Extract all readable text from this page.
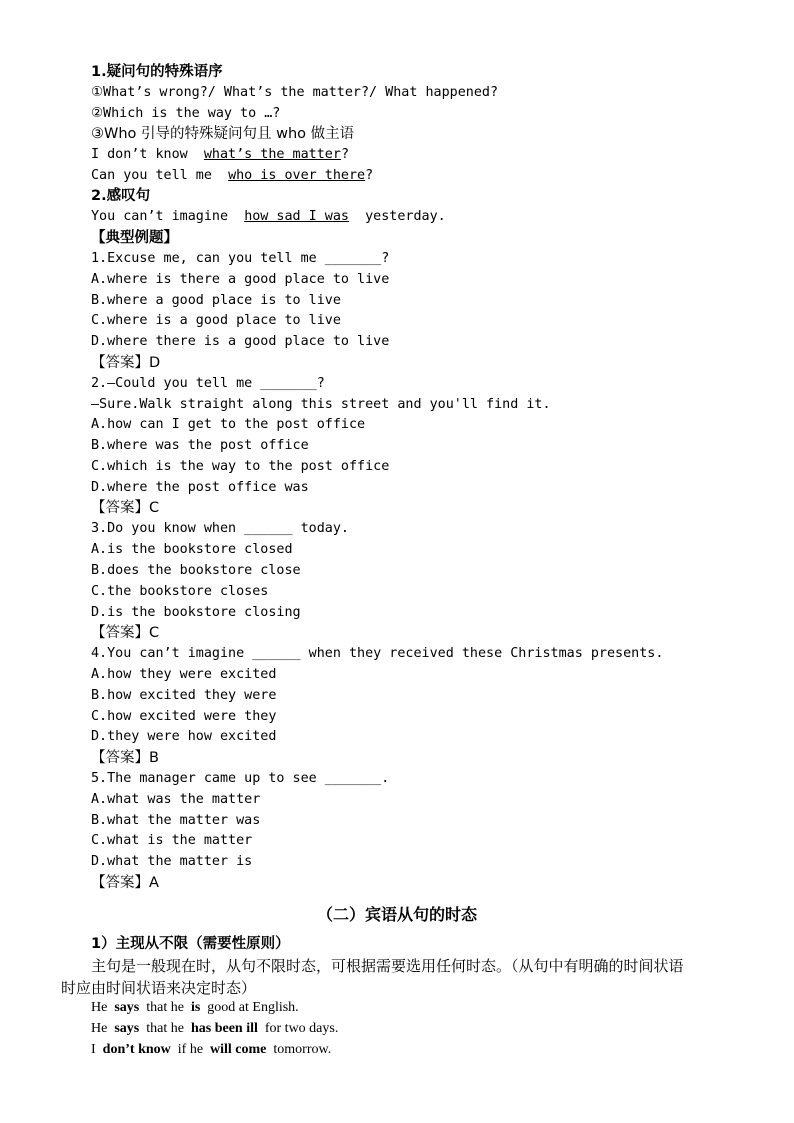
1.疑问句的特殊语序
①What’s wrong?/ What’s the matter?/ What happened?
②Which is the way to …?
③Who 引导的特殊疑问句且 who 做主语
I don’t know  what’s the matter?
Can you tell me  who is over there?
2.感叹句
You can’t imagine  how sad I was  yesterday.
【典型例题】
1.Excuse me, can you tell me _______?
A.where is there a good place to live
B.where a good place is to live
C.where is a good place to live
D.where there is a good place to live
【答案】D
2.—Could you tell me _______?
—Sure.Walk straight along this street and you'll find it.
A.how can I get to the post office
B.where was the post office
C.which is the way to the post office
D.where the post office was
【答案】C
3.Do you know when ______ today.
A.is the bookstore closed
B.does the bookstore close
C.the bookstore closes
D.is the bookstore closing
【答案】C
4.You can’t imagine ______ when they received these Christmas presents.
A.how they were excited
B.how excited they were
C.how excited were they
D.they were how excited
【答案】B
5.The manager came up to see _______.
A.what was the matter
B.what the matter was
C.what is the matter
D.what the matter is
【答案】A
（二）宾语从句的时态
1）主现从不限（需要性原则）
主句是一般现在时，从句不限时态，可根据需要选用任何时态。（从句中有明确的时间状语
时应由时间状语来决定时态）
He  says  that he  is  good at English.
He  says  that he  has been ill  for two days.
I  don’t know  if he  will come  tomorrow.
